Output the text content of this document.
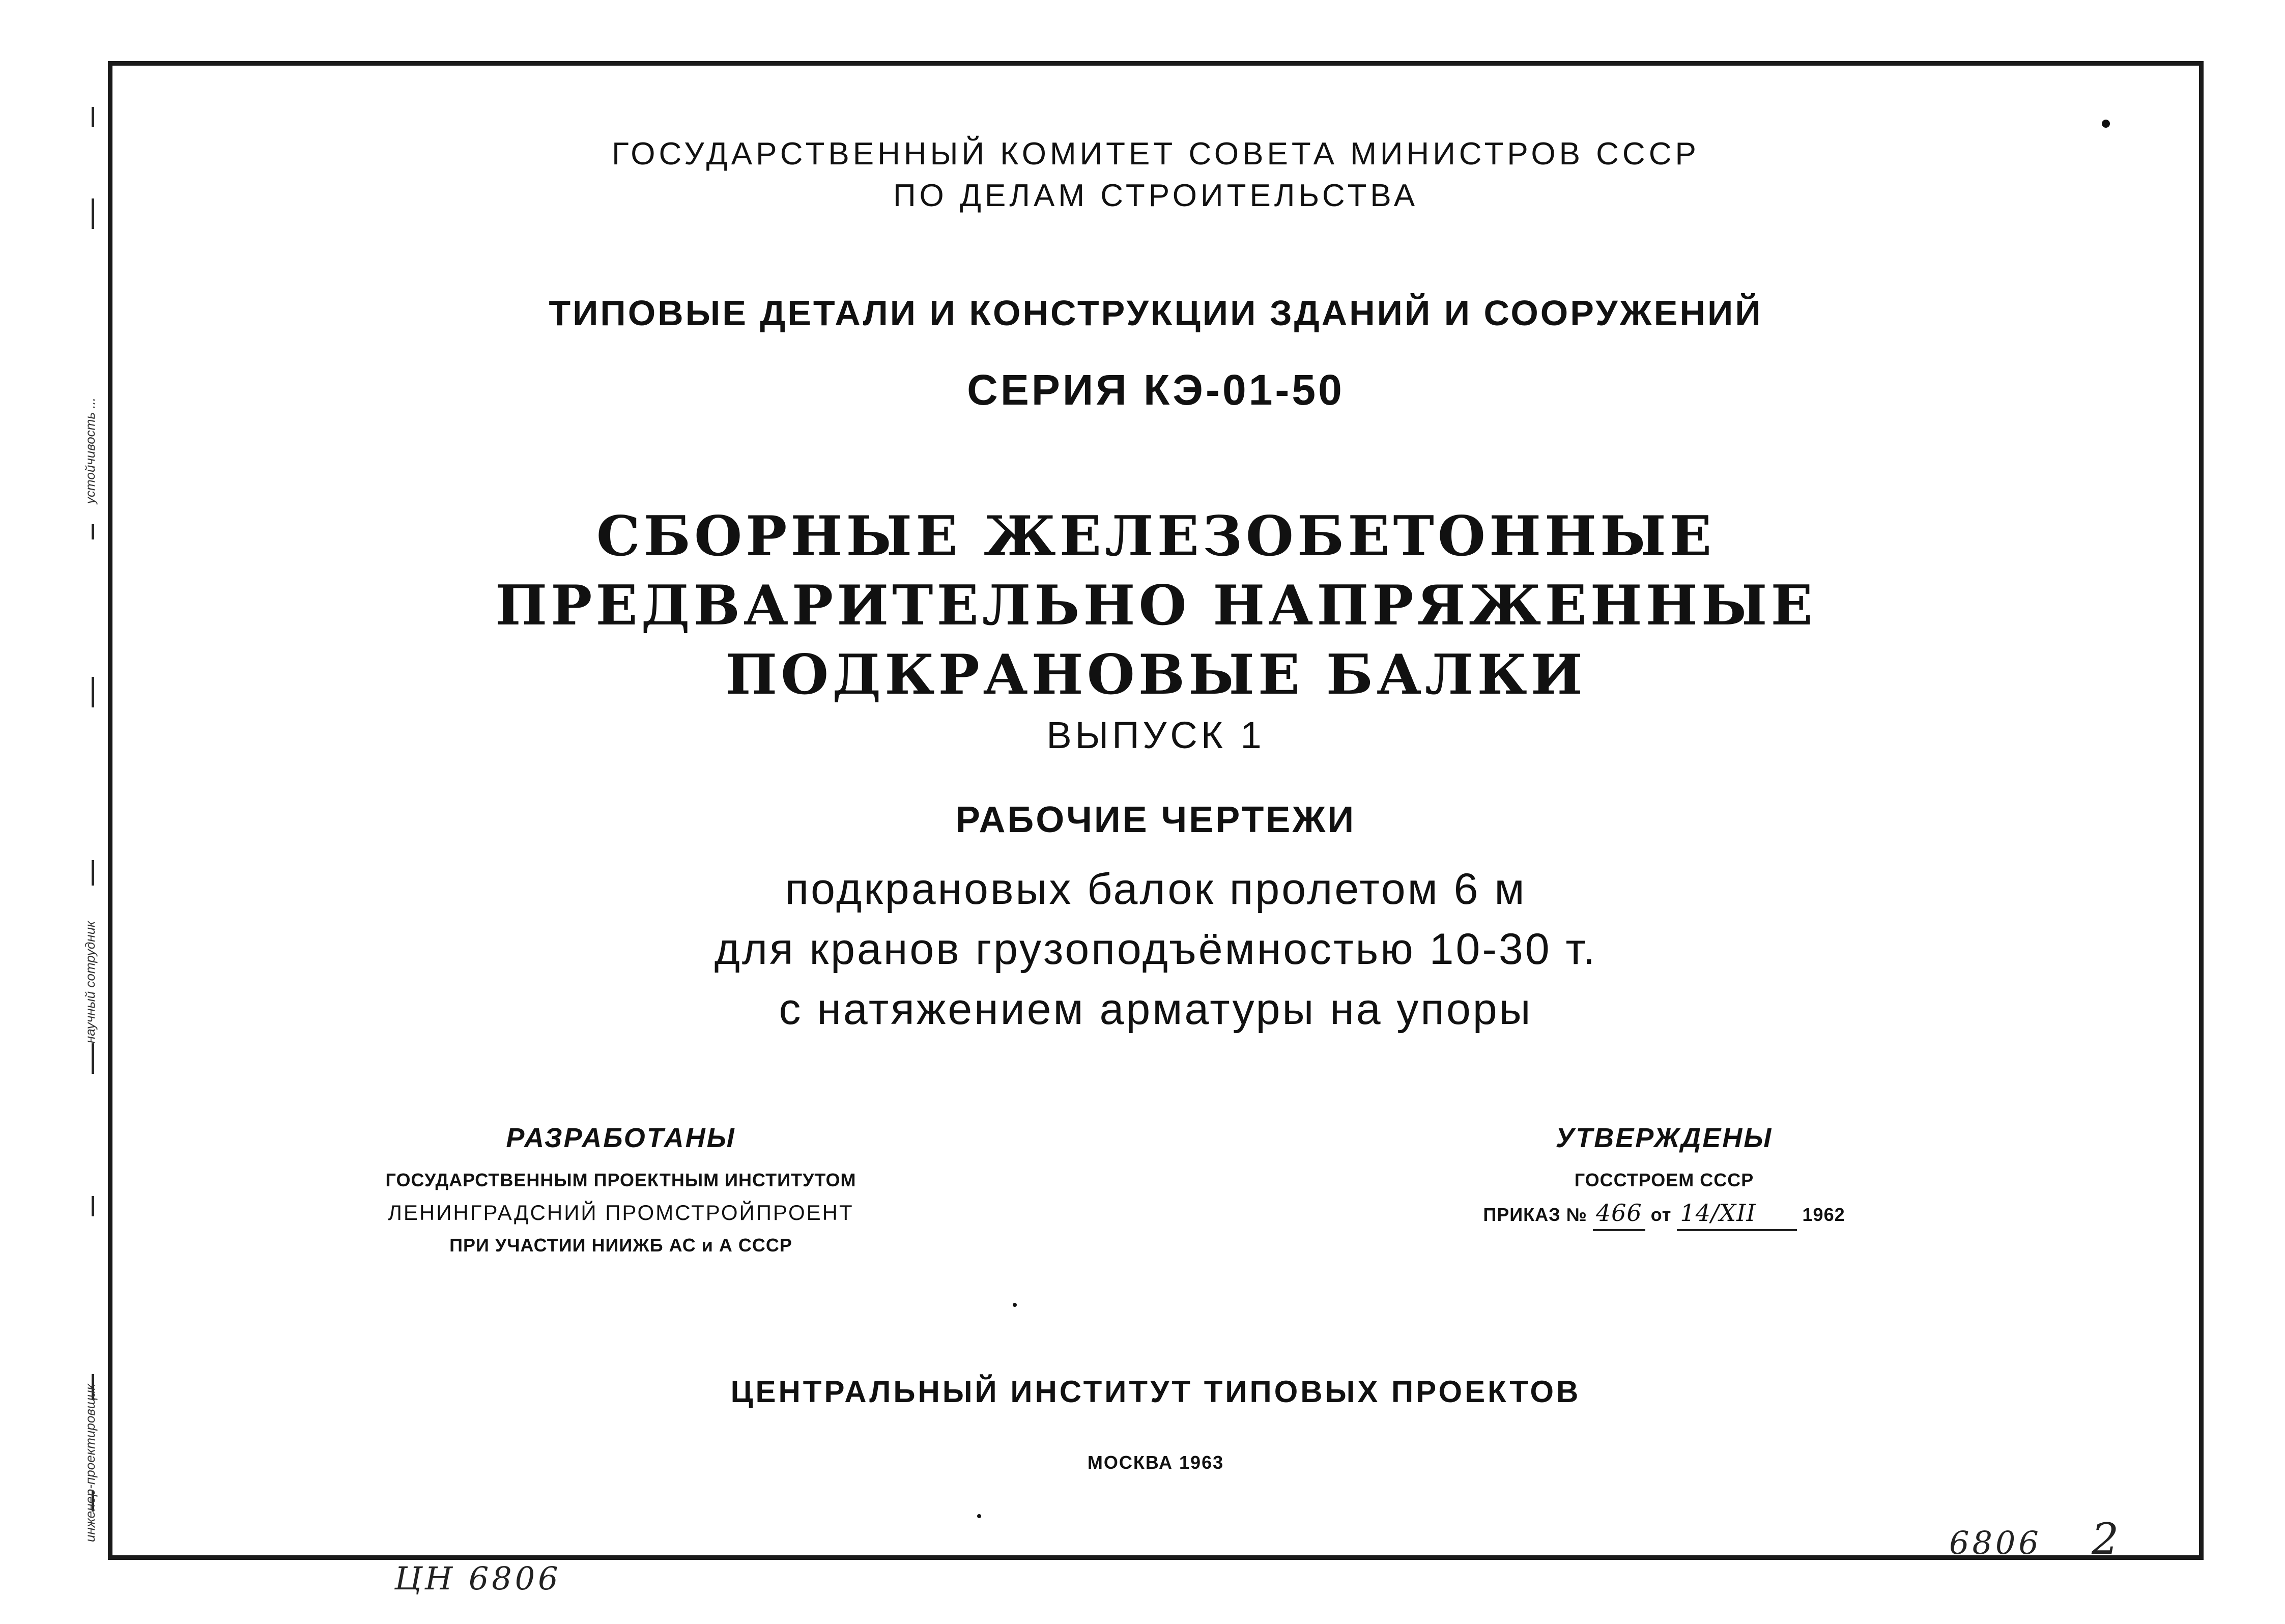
устойчивость ...
научный сотрудник
инженер-проектировщик
ГОСУДАРСТВЕННЫЙ КОМИТЕТ СОВЕТА МИНИСТРОВ СССР
ПО ДЕЛАМ СТРОИТЕЛЬСТВА
ТИПОВЫЕ ДЕТАЛИ И КОНСТРУКЦИИ ЗДАНИЙ И СООРУЖЕНИЙ
СЕРИЯ КЭ-01-50
СБОРНЫЕ ЖЕЛЕЗОБЕТОННЫЕ
ПРЕДВАРИТЕЛЬНО НАПРЯЖЕННЫЕ
ПОДКРАНОВЫЕ БАЛКИ
ВЫПУСК 1
РАБОЧИЕ ЧЕРТЕЖИ
подкрановых балок пролетом 6 м
для кранов грузоподъёмностью 10-30 т.
с натяжением арматуры на упоры
РАЗРАБОТАНЫ
ГОСУДАРСТВЕННЫМ ПРОЕКТНЫМ ИНСТИТУТОМ
ЛЕНИНГРАДСНИЙ ПРОМСТРОЙПРОЕНТ
ПРИ УЧАСТИИ НИИЖБ АС и А СССР
УТВЕРЖДЕНЫ
ГОССТРОЕМ СССР
ПРИКАЗ № 466 от 14/XII	1962
ЦЕНТРАЛЬНЫЙ ИНСТИТУТ ТИПОВЫХ ПРОЕКТОВ
МОСКВА 1963
ЦН 6806
6806 2
